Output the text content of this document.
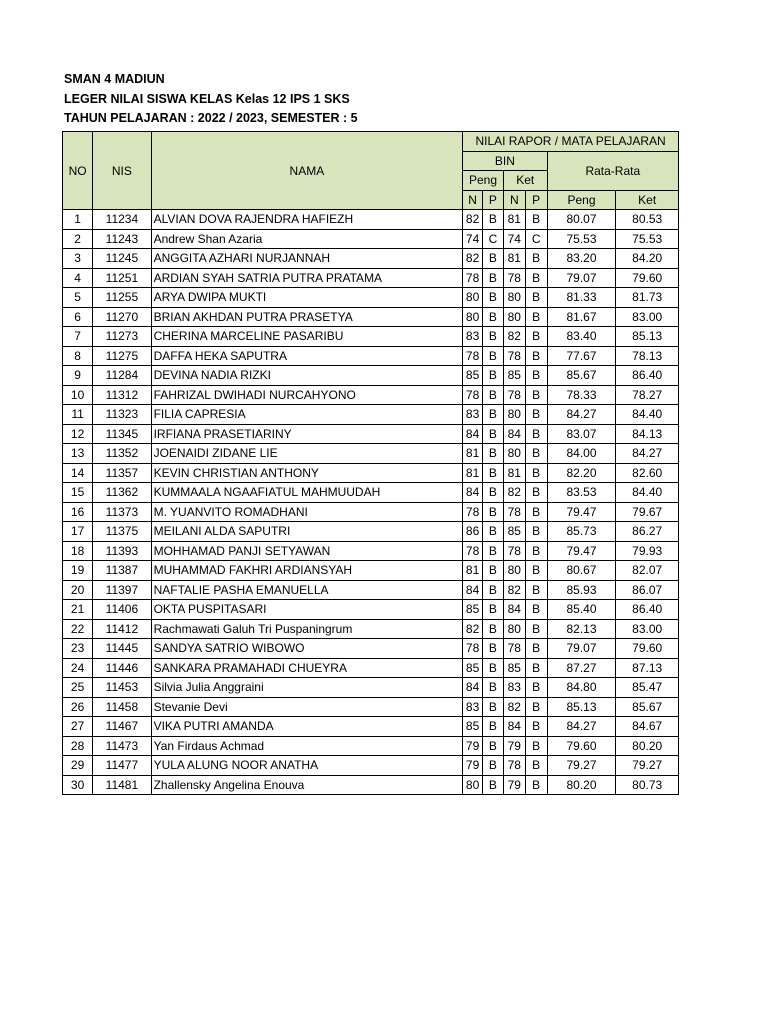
SMAN 4 MADIUN
LEGER NILAI SISWA KELAS Kelas 12 IPS 1 SKS
TAHUN PELAJARAN : 2022 / 2023, SEMESTER : 5
NO	NIS	NAMA	NILAI RAPOR / MATA PELAJARAN					
			BIN				Rata-Rata	
			Peng		Ket			
			N	P	N	P	Peng	Ket
1	11234	ALVIAN DOVA RAJENDRA HAFIEZH	82	B	81	B	80.07	80.53
2	11243	Andrew Shan Azaria	74	C	74	C	75.53	75.53
3	11245	ANGGITA AZHARI NURJANNAH	82	B	81	B	83.20	84.20
4	11251	ARDIAN SYAH SATRIA PUTRA PRATAMA	78	B	78	B	79.07	79.60
5	11255	ARYA DWIPA MUKTI	80	B	80	B	81.33	81.73
6	11270	BRIAN AKHDAN PUTRA PRASETYA	80	B	80	B	81.67	83.00
7	11273	CHERINA MARCELINE PASARIBU	83	B	82	B	83.40	85.13
8	11275	DAFFA HEKA SAPUTRA	78	B	78	B	77.67	78.13
9	11284	DEVINA NADIA RIZKI	85	B	85	B	85.67	86.40
10	11312	FAHRIZAL DWIHADI NURCAHYONO	78	B	78	B	78.33	78.27
11	11323	FILIA CAPRESIA	83	B	80	B	84.27	84.40
12	11345	IRFIANA PRASETIARINY	84	B	84	B	83.07	84.13
13	11352	JOENAIDI ZIDANE LIE	81	B	80	B	84.00	84.27
14	11357	KEVIN CHRISTIAN ANTHONY	81	B	81	B	82.20	82.60
15	11362	KUMMAALA NGAAFIATUL MAHMUUDAH	84	B	82	B	83.53	84.40
16	11373	M. YUANVITO ROMADHANI	78	B	78	B	79.47	79.67
17	11375	MEILANI ALDA SAPUTRI	86	B	85	B	85.73	86.27
18	11393	MOHHAMAD PANJI SETYAWAN	78	B	78	B	79.47	79.93
19	11387	MUHAMMAD FAKHRI ARDIANSYAH	81	B	80	B	80.67	82.07
20	11397	NAFTALIE PASHA EMANUELLA	84	B	82	B	85.93	86.07
21	11406	OKTA PUSPITASARI	85	B	84	B	85.40	86.40
22	11412	Rachmawati Galuh Tri Puspaningrum	82	B	80	B	82.13	83.00
23	11445	SANDYA SATRIO WIBOWO	78	B	78	B	79.07	79.60
24	11446	SANKARA PRAMAHADI CHUEYRA	85	B	85	B	87.27	87.13
25	11453	Silvia Julia Anggraini	84	B	83	B	84.80	85.47
26	11458	Stevanie Devi	83	B	82	B	85.13	85.67
27	11467	VIKA PUTRI AMANDA	85	B	84	B	84.27	84.67
28	11473	Yan Firdaus Achmad	79	B	79	B	79.60	80.20
29	11477	YULA ALUNG NOOR ANATHA	79	B	78	B	79.27	79.27
30	11481	Zhallensky Angelina Enouva	80	B	79	B	80.20	80.73
